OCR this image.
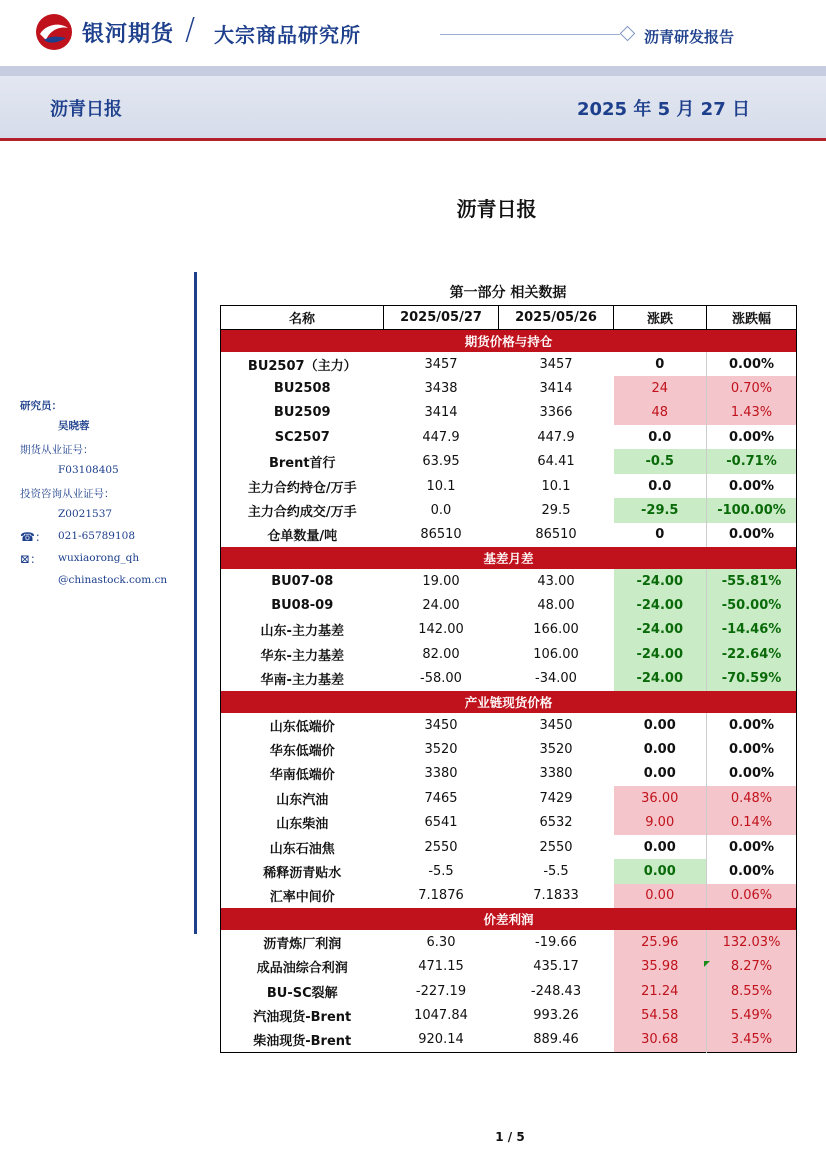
银河期货 / 大宗商品研究所	沥青研发报告
沥青日报	2025 年 5 月 27 日
沥青日报
研究员：
吴晓蓉
期货从业证号：
F03108405
投资咨询从业证号：
Z0021537
☎： 021-65789108
⊠： wuxiaorong_qh
@chinastock.com.cn
第一部分 相关数据
名称	2025/05/27	2025/05/26	涨跌	涨跌幅
期货价格与持仓				
BU2507（主力）	3457	3457	0	0.00%
BU2508	3438	3414	24	0.70%
BU2509	3414	3366	48	1.43%
SC2507	447.9	447.9	0.0	0.00%
Brent首行	63.95	64.41	-0.5	-0.71%
主力合约持仓/万手	10.1	10.1	0.0	0.00%
主力合约成交/万手	0.0	29.5	-29.5	-100.00%
仓单数量/吨	86510	86510	0	0.00%
基差月差				
BU07-08	19.00	43.00	-24.00	-55.81%
BU08-09	24.00	48.00	-24.00	-50.00%
山东-主力基差	142.00	166.00	-24.00	-14.46%
华东-主力基差	82.00	106.00	-24.00	-22.64%
华南-主力基差	-58.00	-34.00	-24.00	-70.59%
产业链现货价格				
山东低端价	3450	3450	0.00	0.00%
华东低端价	3520	3520	0.00	0.00%
华南低端价	3380	3380	0.00	0.00%
山东汽油	7465	7429	36.00	0.48%
山东柴油	6541	6532	9.00	0.14%
山东石油焦	2550	2550	0.00	0.00%
稀释沥青贴水	-5.5	-5.5	0.00	0.00%
汇率中间价	7.1876	7.1833	0.00	0.06%
价差利润				
沥青炼厂利润	6.30	-19.66	25.96	132.03%
成品油综合利润	471.15	435.17	35.98	8.27%
BU-SC裂解	-227.19	-248.43	21.24	8.55%
汽油现货-Brent	1047.84	993.26	54.58	5.49%
柴油现货-Brent	920.14	889.46	30.68	3.45%
1 / 5
